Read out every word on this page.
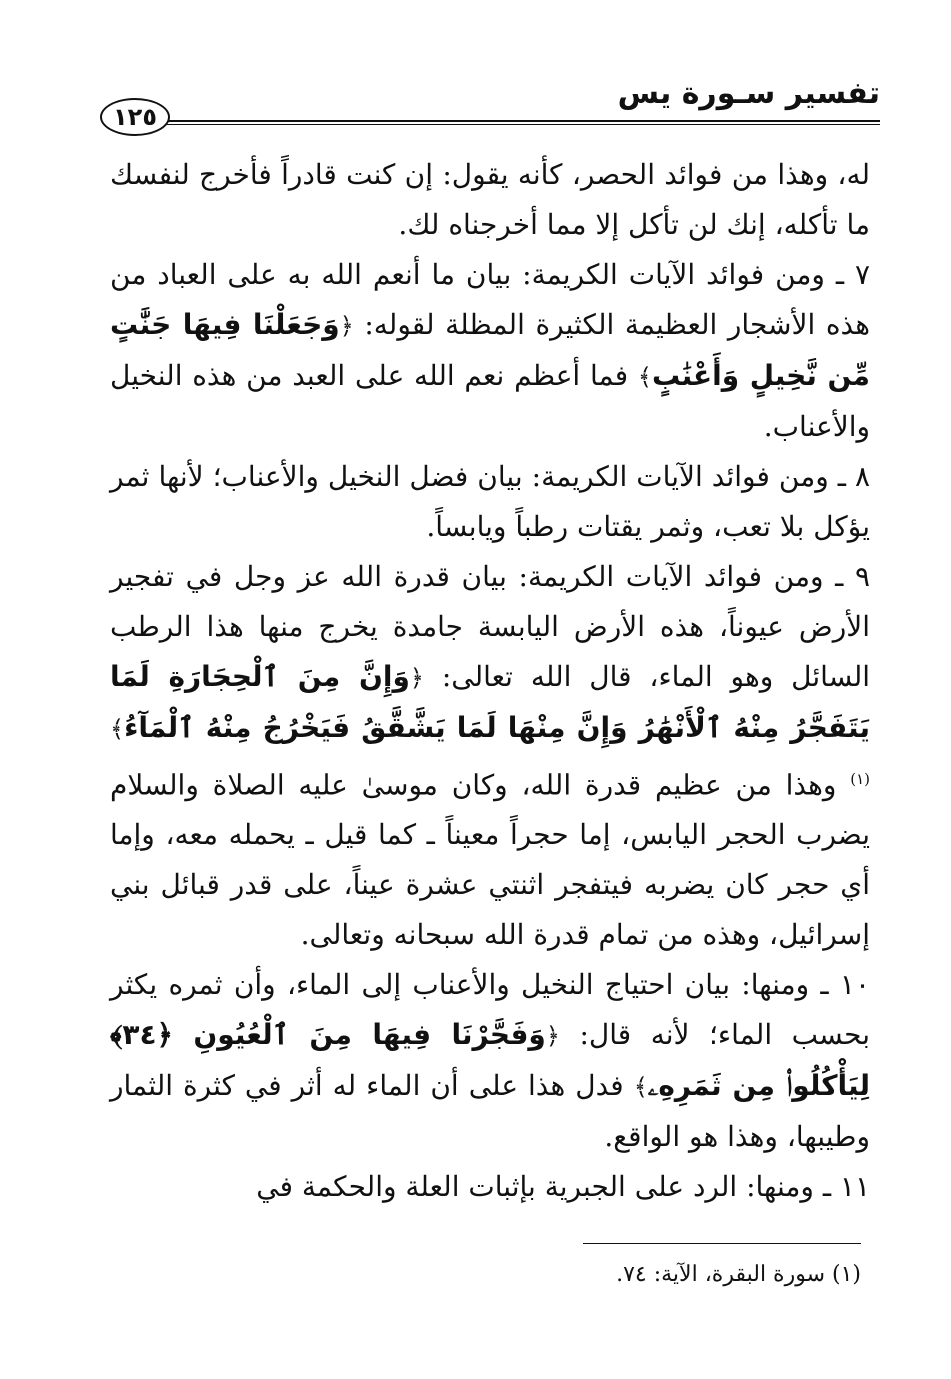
تفسير سـورة يس
١٢٥

له، وهذا من فوائد الحصر، كأنه يقول: إن كنت قادراً فأخرج لنفسك ما تأكله، إنك لن تأكل إلا مما أخرجناه لك.

٧ ـ ومن فوائد الآيات الكريمة: بيان ما أنعم الله به على العباد من هذه الأشجار العظيمة الكثيرة المظلة لقوله: ﴿وَجَعَلْنَا فِيهَا جَنَّٰتٍ مِّن نَّخِيلٍ وَأَعْنَٰبٍ﴾ فما أعظم نعم الله على العبد من هذه النخيل والأعناب.

٨ ـ ومن فوائد الآيات الكريمة: بيان فضل النخيل والأعناب؛ لأنها ثمر يؤكل بلا تعب، وثمر يقتات رطباً ويابساً.

٩ ـ ومن فوائد الآيات الكريمة: بيان قدرة الله عز وجل في تفجير الأرض عيوناً، هذه الأرض اليابسة جامدة يخرج منها هذا الرطب السائل وهو الماء، قال الله تعالى: ﴿وَإِنَّ مِنَ ٱلْحِجَارَةِ لَمَا يَتَفَجَّرُ مِنْهُ ٱلْأَنْهَٰرُ وَإِنَّ مِنْهَا لَمَا يَشَّقَّقُ فَيَخْرُجُ مِنْهُ ٱلْمَآءُ﴾$^{(١)}$ وهذا من عظيم قدرة الله، وكان موسىٰ عليه الصلاة والسلام يضرب الحجر اليابس، إما حجراً معيناً ـ كما قيل ـ يحمله معه، وإما أي حجر كان يضربه فيتفجر اثنتي عشرة عيناً، على قدر قبائل بني إسرائيل، وهذه من تمام قدرة الله سبحانه وتعالى.

١٠ ـ ومنها: بيان احتياج النخيل والأعناب إلى الماء، وأن ثمره يكثر بحسب الماء؛ لأنه قال: ﴿وَفَجَّرْنَا فِيهَا مِنَ ٱلْعُيُونِ ﴿٣٤﴾ لِيَأْكُلُوا۟ مِن ثَمَرِهِۦ﴾ فدل هذا على أن الماء له أثر في كثرة الثمار وطيبها، وهذا هو الواقع.

١١ ـ ومنها: الرد على الجبرية بإثبات العلة والحكمة في

(١) سورة البقرة، الآية: ٧٤.
